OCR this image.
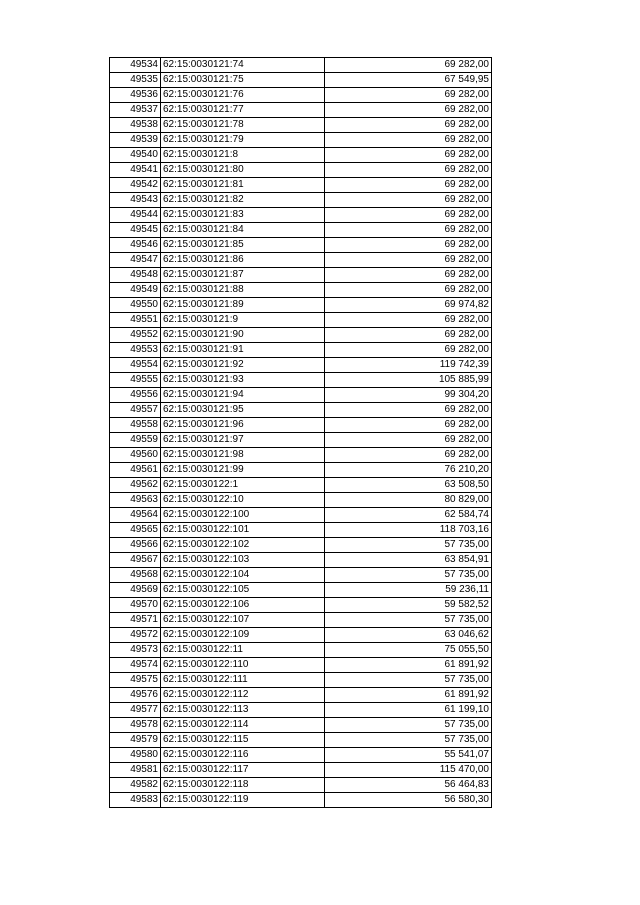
49534	62:15:0030121:74	69 282,00
49535	62:15:0030121:75	67 549,95
49536	62:15:0030121:76	69 282,00
49537	62:15:0030121:77	69 282,00
49538	62:15:0030121:78	69 282,00
49539	62:15:0030121:79	69 282,00
49540	62:15:0030121:8	69 282,00
49541	62:15:0030121:80	69 282,00
49542	62:15:0030121:81	69 282,00
49543	62:15:0030121:82	69 282,00
49544	62:15:0030121:83	69 282,00
49545	62:15:0030121:84	69 282,00
49546	62:15:0030121:85	69 282,00
49547	62:15:0030121:86	69 282,00
49548	62:15:0030121:87	69 282,00
49549	62:15:0030121:88	69 282,00
49550	62:15:0030121:89	69 974,82
49551	62:15:0030121:9	69 282,00
49552	62:15:0030121:90	69 282,00
49553	62:15:0030121:91	69 282,00
49554	62:15:0030121:92	119 742,39
49555	62:15:0030121:93	105 885,99
49556	62:15:0030121:94	99 304,20
49557	62:15:0030121:95	69 282,00
49558	62:15:0030121:96	69 282,00
49559	62:15:0030121:97	69 282,00
49560	62:15:0030121:98	69 282,00
49561	62:15:0030121:99	76 210,20
49562	62:15:0030122:1	63 508,50
49563	62:15:0030122:10	80 829,00
49564	62:15:0030122:100	62 584,74
49565	62:15:0030122:101	118 703,16
49566	62:15:0030122:102	57 735,00
49567	62:15:0030122:103	63 854,91
49568	62:15:0030122:104	57 735,00
49569	62:15:0030122:105	59 236,11
49570	62:15:0030122:106	59 582,52
49571	62:15:0030122:107	57 735,00
49572	62:15:0030122:109	63 046,62
49573	62:15:0030122:11	75 055,50
49574	62:15:0030122:110	61 891,92
49575	62:15:0030122:111	57 735,00
49576	62:15:0030122:112	61 891,92
49577	62:15:0030122:113	61 199,10
49578	62:15:0030122:114	57 735,00
49579	62:15:0030122:115	57 735,00
49580	62:15:0030122:116	55 541,07
49581	62:15:0030122:117	115 470,00
49582	62:15:0030122:118	56 464,83
49583	62:15:0030122:119	56 580,30
